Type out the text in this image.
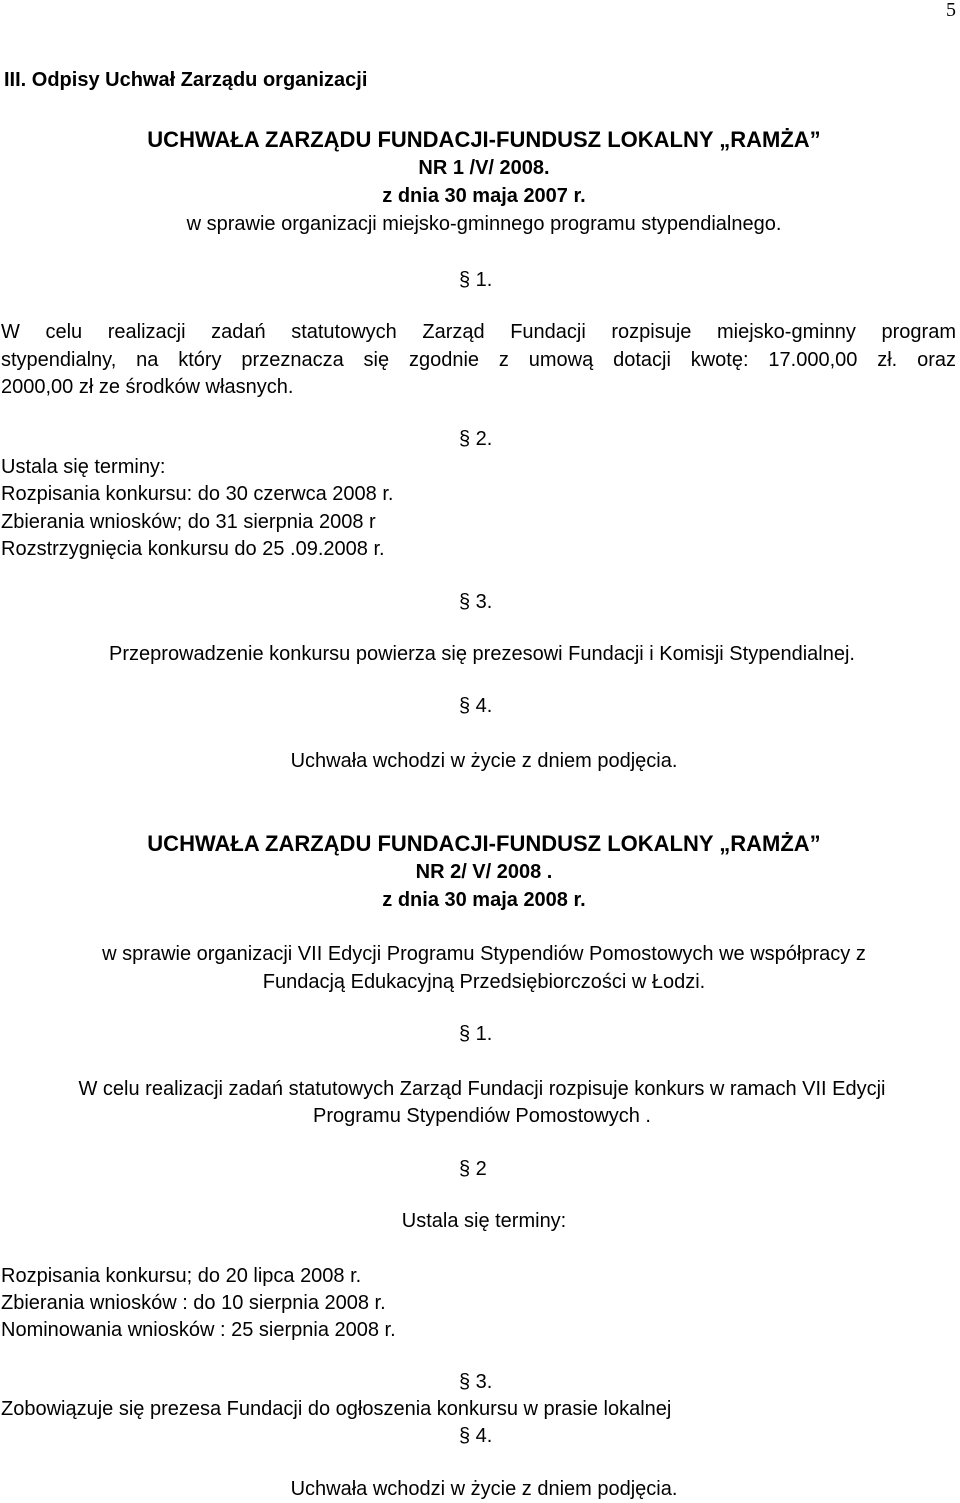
5
III. Odpisy Uchwał Zarządu organizacji
UCHWAŁA ZARZĄDU FUNDACJI-FUNDUSZ LOKALNY „RAMŻA”
NR 1 /V/ 2008.
z dnia 30 maja 2007 r.
w sprawie organizacji miejsko-gminnego programu stypendialnego.
§ 1.
W celu realizacji zadań statutowych Zarząd Fundacji rozpisuje miejsko-gminny program
stypendialny, na który przeznacza się zgodnie z umową dotacji kwotę: 17.000,00 zł. oraz
2000,00 zł ze środków własnych.
§ 2.
Ustala się terminy:
Rozpisania konkursu: do 30 czerwca 2008 r.
Zbierania wniosków; do 31 sierpnia 2008 r
Rozstrzygnięcia konkursu do 25 .09.2008 r.
§ 3.
Przeprowadzenie konkursu powierza się prezesowi Fundacji i Komisji Stypendialnej.
§ 4.
Uchwała wchodzi w życie z dniem podjęcia.
UCHWAŁA ZARZĄDU FUNDACJI-FUNDUSZ LOKALNY „RAMŻA”
NR 2/ V/ 2008 .
z dnia 30 maja 2008 r.
w sprawie organizacji VII Edycji Programu Stypendiów Pomostowych we współpracy z
Fundacją Edukacyjną Przedsiębiorczości w Łodzi.
§ 1.
W celu realizacji zadań statutowych Zarząd Fundacji rozpisuje konkurs w ramach VII Edycji
Programu Stypendiów Pomostowych .
§ 2
Ustala się terminy:
Rozpisania konkursu; do 20 lipca 2008 r.
Zbierania wniosków : do 10 sierpnia 2008 r.
Nominowania wniosków : 25 sierpnia 2008 r.
§ 3.
Zobowiązuje się prezesa Fundacji do ogłoszenia konkursu w prasie lokalnej
§ 4.
Uchwała wchodzi w życie z dniem podjęcia.
